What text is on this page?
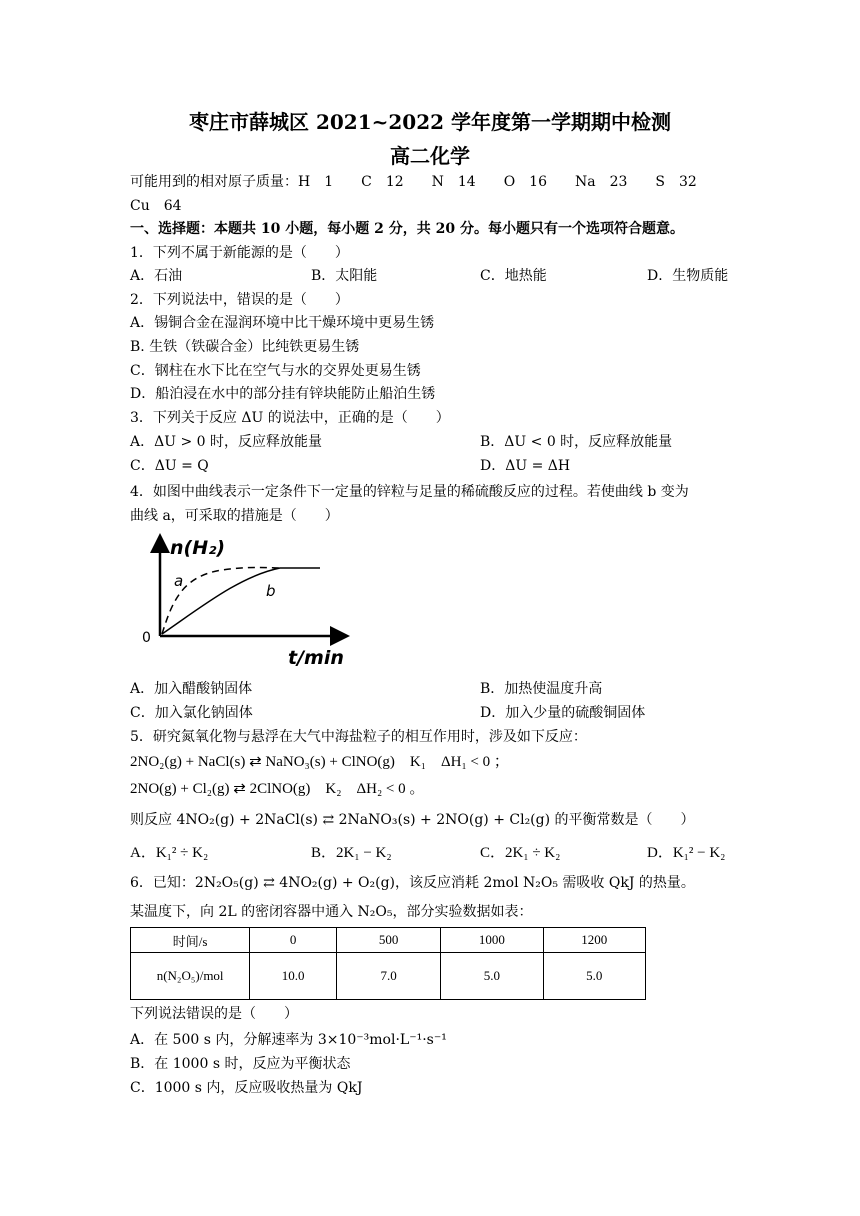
枣庄市薛城区 2021~2022 学年度第一学期期中检测
高二化学
可能用到的相对原子质量：H　1　　C　12　　N　14　　O　16　　Na　23　　S　32
Cu　64
一、选择题：本题共 10 小题，每小题 2 分，共 20 分。每小题只有一个选项符合题意。
1．下列不属于新能源的是（　　）
A．石油	B．太阳能	C．地热能	D．生物质能
2．下列说法中，错误的是（　　）
A．锡铜合金在湿润环境中比干燥环境中更易生锈
B. 生铁（铁碳合金）比纯铁更易生锈
C．钢柱在水下比在空气与水的交界处更易生锈
D．船泊浸在水中的部分挂有锌块能防止船泊生锈
3．下列关于反应 ΔU 的说法中，正确的是（　　）
A．ΔU > 0 时，反应释放能量	B．ΔU < 0 时，反应释放能量
C．ΔU = Q	D．ΔU = ΔH
4．如图中曲线表示一定条件下一定量的锌粒与足量的稀硫酸反应的过程。若使曲线 b 变为
曲线 a，可采取的措施是（　　）
n(H₂)
t/min
0
a
b
A．加入醋酸钠固体	B．加热使温度升高
C．加入氯化钠固体	D．加入少量的硫酸铜固体
5．研究氮氧化物与悬浮在大气中海盐粒子的相互作用时，涉及如下反应：
2NO₂(g) + NaCl(s) ⇄ NaNO₃(s) + ClNO(g)　K₁　ΔH₁ < 0 ；
2NO(g) + Cl₂(g) ⇄ 2ClNO(g)　K₂　ΔH₂ < 0 。
则反应 4NO₂(g) + 2NaCl(s) ⇄ 2NaNO₃(s) + 2NO(g) + Cl₂(g) 的平衡常数是（　　）
A．K₁² ÷ K₂	B．2K₁ − K₂	C．2K₁ ÷ K₂	D．K₁² − K₂
6．已知：2N₂O₅(g) ⇄ 4NO₂(g) + O₂(g)，该反应消耗 2mol N₂O₅ 需吸收 QkJ 的热量。
某温度下，向 2L 的密闭容器中通入 N₂O₅，部分实验数据如表：
时间/s	0	500	1000	1200
n(N₂O₅)/mol	10.0	7.0	5.0	5.0
下列说法错误的是（　　）
A．在 500 s 内，分解速率为 3×10⁻³mol·L⁻¹·s⁻¹
B．在 1000 s 时，反应为平衡状态
C．1000 s 内，反应吸收热量为 QkJ
